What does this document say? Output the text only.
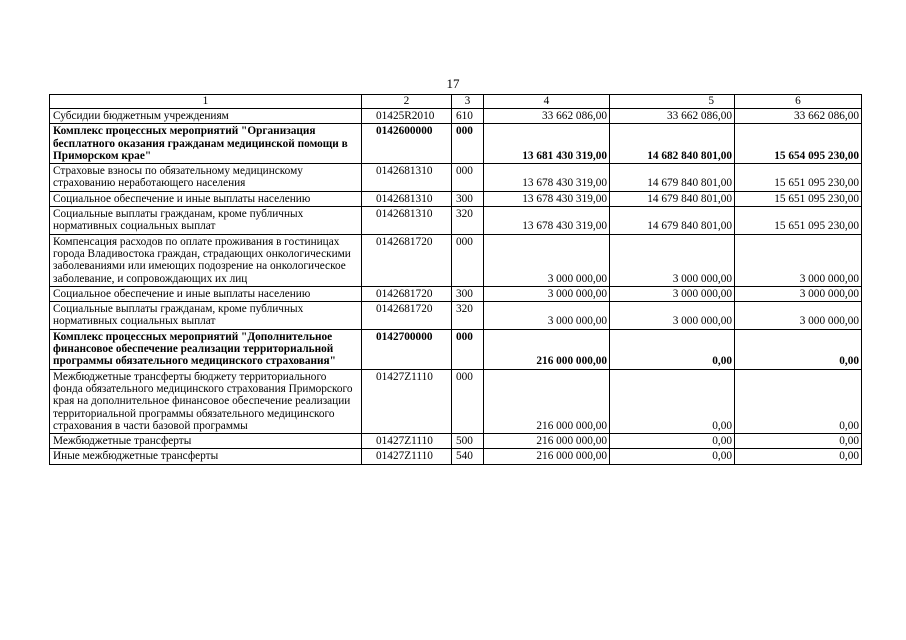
17
1	2	3	4	5	6
Субсидии бюджетным учреждениям	01425R2010	610	33 662 086,00	33 662 086,00	33 662 086,00
Комплекс процессных мероприятий "Организация бесплатного оказания гражданам медицинской помощи в Приморском крае"	0142600000	000	13 681 430 319,00	14 682 840 801,00	15 654 095 230,00
Страховые взносы по обязательному медицинскому страхованию неработающего населения	0142681310	000	13 678 430 319,00	14 679 840 801,00	15 651 095 230,00
Социальное обеспечение и иные выплаты населению	0142681310	300	13 678 430 319,00	14 679 840 801,00	15 651 095 230,00
Социальные выплаты гражданам, кроме публичных нормативных социальных выплат	0142681310	320	13 678 430 319,00	14 679 840 801,00	15 651 095 230,00
Компенсация расходов по оплате проживания в гостиницах города Владивостока граждан, страдающих онкологическими заболеваниями или имеющих подозрение на онкологическое заболевание, и сопровождающих их лиц	0142681720	000	3 000 000,00	3 000 000,00	3 000 000,00
Социальное обеспечение и иные выплаты населению	0142681720	300	3 000 000,00	3 000 000,00	3 000 000,00
Социальные выплаты гражданам, кроме публичных нормативных социальных выплат	0142681720	320	3 000 000,00	3 000 000,00	3 000 000,00
Комплекс процессных мероприятий "Дополнительное финансовое обеспечение реализации территориальной программы обязательного медицинского страхования"	0142700000	000	216 000 000,00	0,00	0,00
Межбюджетные трансферты бюджету территориального фонда обязательного медицинского страхования Приморского края на дополнительное финансовое обеспечение реализации территориальной программы обязательного медицинского страхования в части базовой программы	01427Z1110	000	216 000 000,00	0,00	0,00
Межбюджетные трансферты	01427Z1110	500	216 000 000,00	0,00	0,00
Иные межбюджетные трансферты	01427Z1110	540	216 000 000,00	0,00	0,00
